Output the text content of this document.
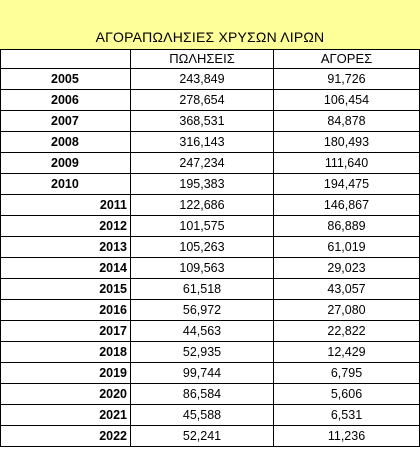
ΑΓΟΡΑΠΩΛΗΣΙΕΣ ΧΡΥΣΩΝ ΛΙΡΩΝ
	ΠΩΛΗΣΕΙΣ	ΑΓΟΡΕΣ
2005	243,849	91,726
2006	278,654	106,454
2007	368,531	84,878
2008	316,143	180,493
2009	247,234	111,640
2010	195,383	194,475
2011	122,686	146,867
2012	101,575	86,889
2013	105,263	61,019
2014	109,563	29,023
2015	61,518	43,057
2016	56,972	27,080
2017	44,563	22,822
2018	52,935	12,429
2019	99,744	6,795
2020	86,584	5,606
2021	45,588	6,531
2022	52,241	11,236
